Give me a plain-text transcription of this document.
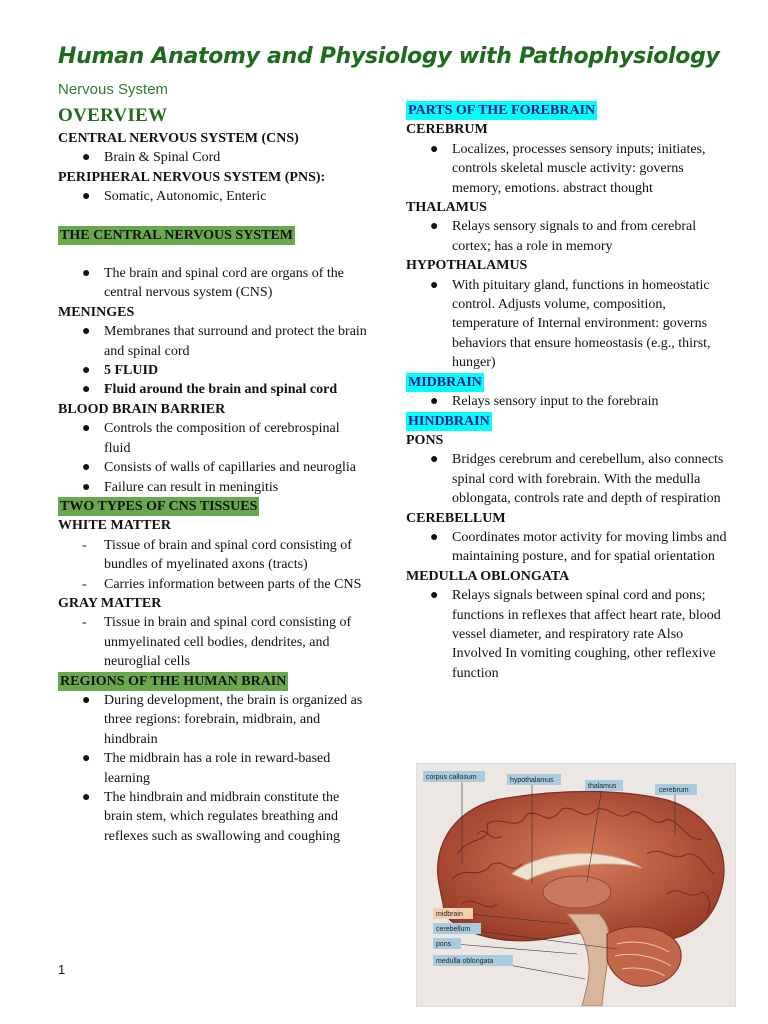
Human Anatomy and Physiology with Pathophysiology
Nervous System
OVERVIEW
CENTRAL NERVOUS SYSTEM (CNS)
● Brain & Spinal Cord
PERIPHERAL NERVOUS SYSTEM (PNS):
● Somatic, Autonomic, Enteric
THE CENTRAL NERVOUS SYSTEM
● The brain and spinal cord are organs of the central nervous system (CNS)
MENINGES
● Membranes that surround and protect the brain and spinal cord
● 5 FLUID
● Fluid around the brain and spinal cord
BLOOD BRAIN BARRIER
● Controls the composition of cerebrospinal fluid
● Consists of walls of capillaries and neuroglia
● Failure can result in meningitis
TWO TYPES OF CNS TISSUES
WHITE MATTER
- Tissue of brain and spinal cord consisting of bundles of myelinated axons (tracts)
- Carries information between parts of the CNS
GRAY MATTER
- Tissue in brain and spinal cord consisting of unmyelinated cell bodies, dendrites, and neuroglial cells
REGIONS OF THE HUMAN BRAIN
● During development, the brain is organized as three regions: forebrain, midbrain, and hindbrain
● The midbrain has a role in reward-based learning
● The hindbrain and midbrain constitute the brain stem, which regulates breathing and reflexes such as swallowing and coughing
PARTS OF THE FOREBRAIN
CEREBRUM
● Localizes, processes sensory inputs; initiates, controls skeletal muscle activity: governs memory, emotions. abstract thought
THALAMUS
● Relays sensory signals to and from cerebral cortex; has a role in memory
HYPOTHALAMUS
● With pituitary gland, functions in homeostatic control. Adjusts volume, composition, temperature of Internal environment: governs behaviors that ensure homeostasis (e.g., thirst, hunger)
MIDBRAIN
● Relays sensory input to the forebrain
HINDBRAIN
PONS
● Bridges cerebrum and cerebellum, also connects spinal cord with forebrain. With the medulla oblongata, controls rate and depth of respiration
CEREBELLUM
● Coordinates motor activity for moving limbs and maintaining posture, and for spatial orientation
MEDULLA OBLONGATA
● Relays signals between spinal cord and pons; functions in reflexes that affect heart rate, blood vessel diameter, and respiratory rate Also Involved In vomiting coughing, other reflexive function
corpus callosum	hypothalamus
thalamus
cerebrum
midbrain
cerebellum
pons
medulla oblongata
1
